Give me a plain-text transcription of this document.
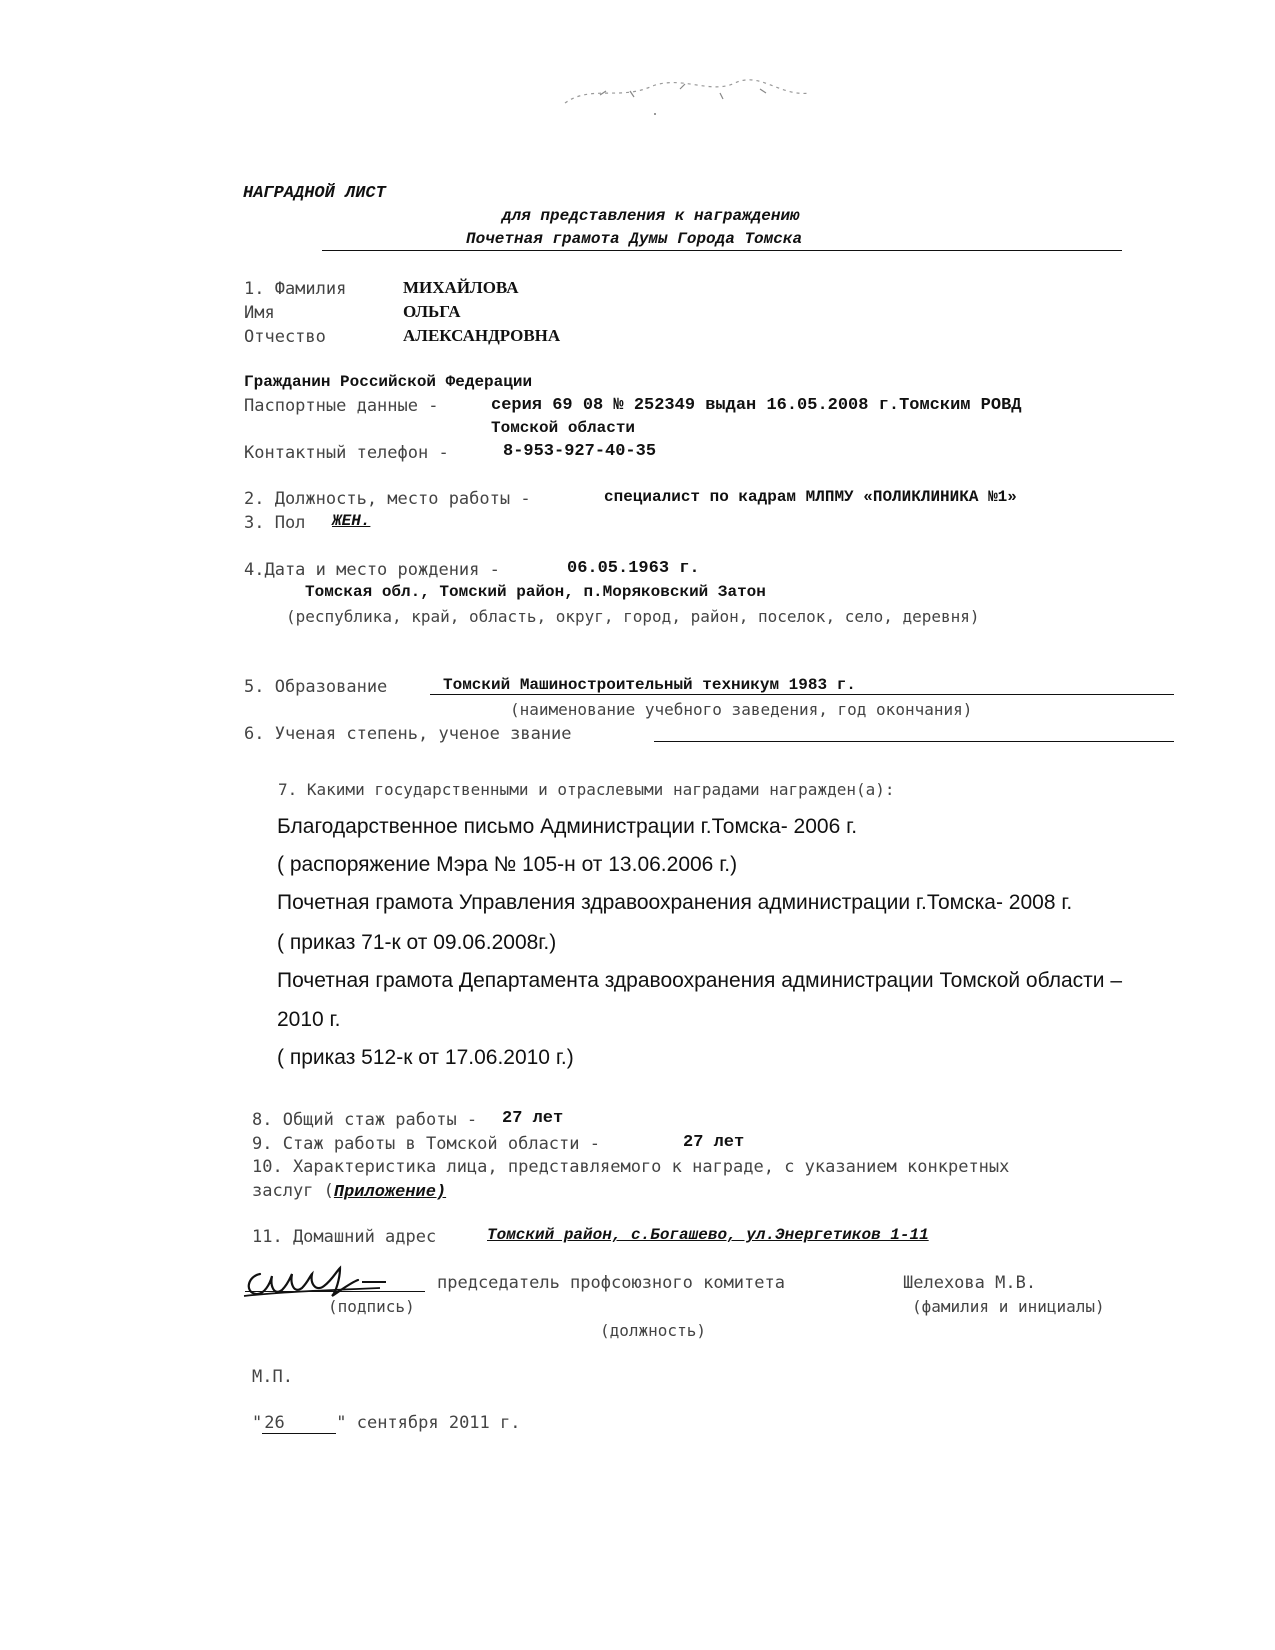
НАГРАДНОЙ ЛИСТ
для представления к награждению
Почетная грамота Думы Города Томска
1. Фамилия	МИХАЙЛОВА
Имя	ОЛЬГА
Отчество	АЛЕКСАНДРОВНА
Гражданин Российской Федерации
Паспортные данные -	серия 69 08 № 252349 выдан 16.05.2008 г.Томским РОВД
Томской области
Контактный телефон -	8-953-927-40-35
2. Должность, место работы -	специалист по кадрам МЛПМУ «ПОЛИКЛИНИКА №1»
3. Пол ЖЕН.
4.Дата и место рождения -	06.05.1963 г.
Томская обл., Томский район, п.Моряковский Затон
(республика, край, область, округ, город, район, поселок, село, деревня)
5. Образование	Томский Машиностроительный техникум 1983 г.
(наименование учебного заведения, год окончания)
6. Ученая степень, ученое звание
7. Какими государственными и отраслевыми наградами награжден(а):
Благодарственное письмо Администрации г.Томска- 2006 г.
( распоряжение Мэра № 105-н от 13.06.2006 г.)
Почетная грамота Управления здравоохранения администрации г.Томска- 2008 г.
( приказ 71-к от 09.06.2008г.)
Почетная грамота Департамента здравоохранения администрации Томской области –
2010 г.
( приказ 512-к от 17.06.2010 г.)
8. Общий стаж работы - 27 лет
9. Стаж работы в Томской области -	27 лет
10. Характеристика лица, представляемого к награде, с указанием конкретных
заслуг (Приложение)
11. Домашний адрес	Томский район, с.Богашево, ул.Энергетиков 1-11
председатель профсоюзного комитета	Шелехова М.В.
(подпись)	(фамилия и инициалы)
(должность)
М.П.
" 26	" сентября 2011 г.
